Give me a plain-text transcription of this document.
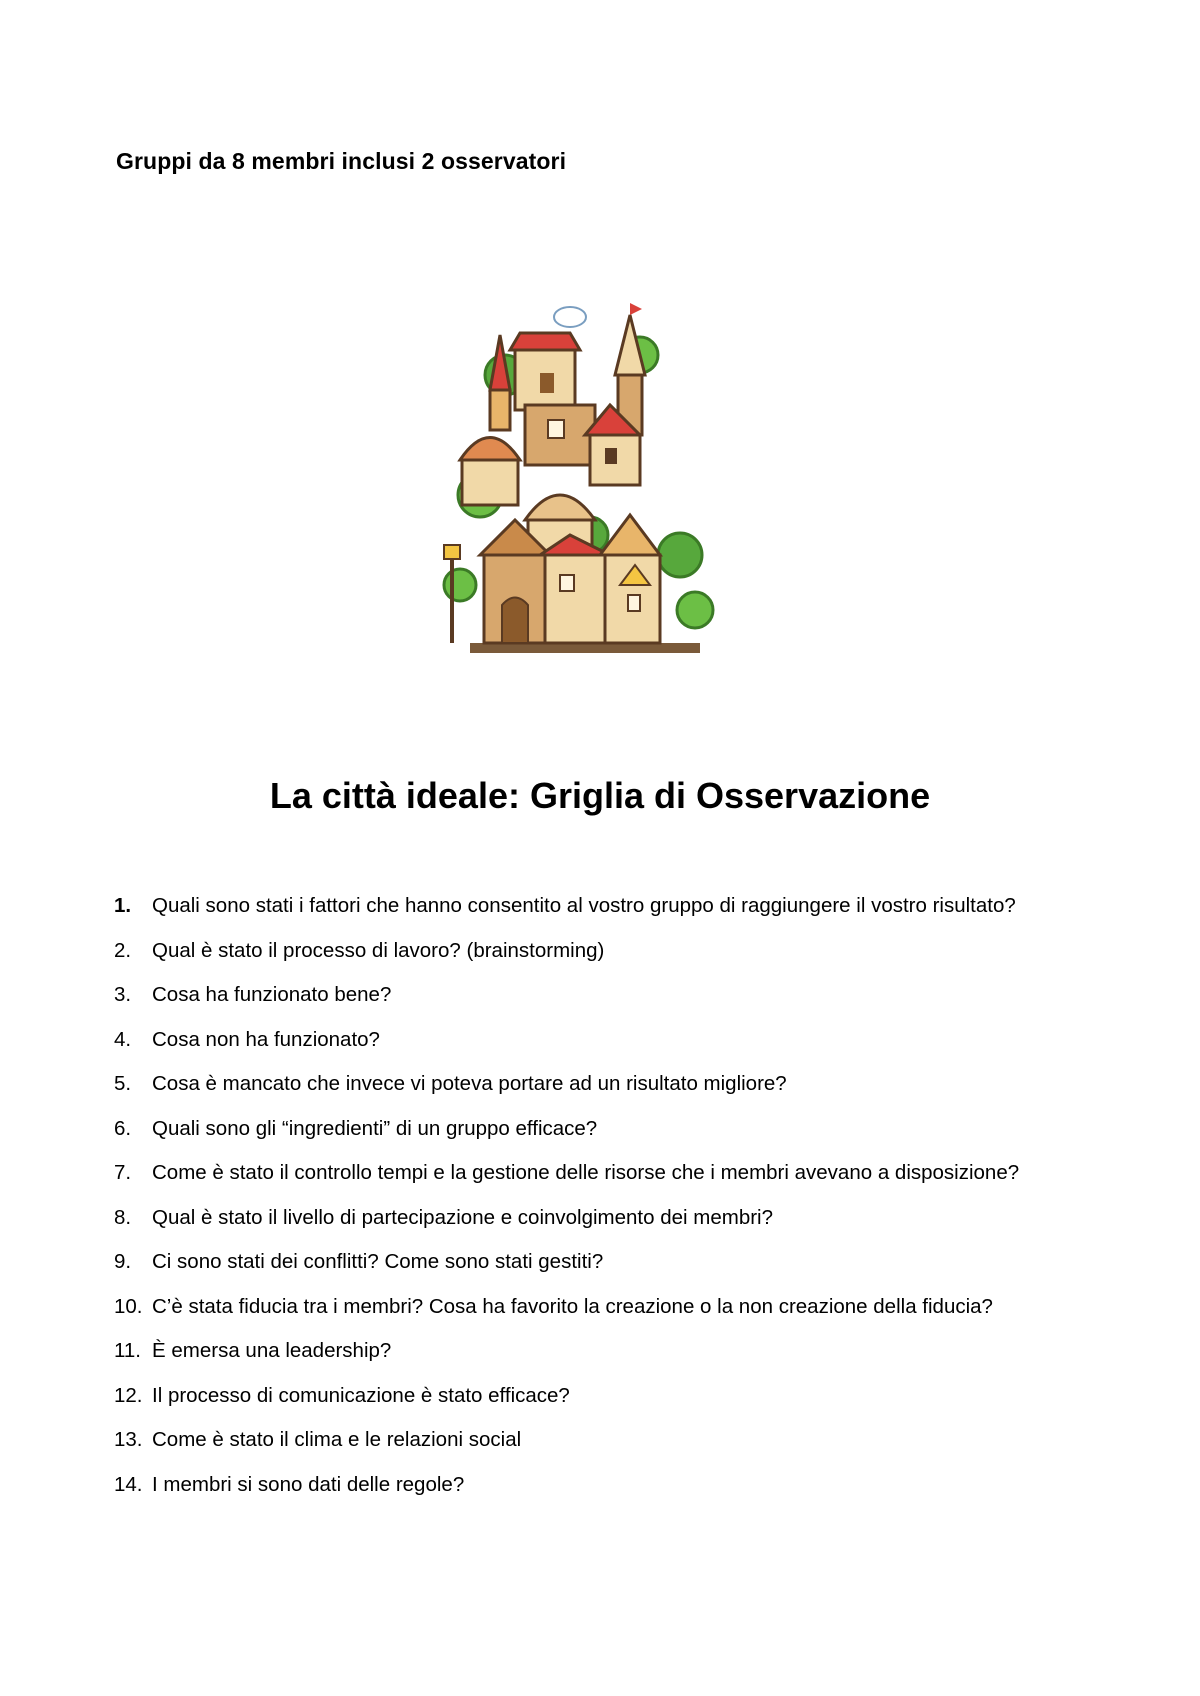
Gruppi da 8 membri inclusi 2 osservatori
La città ideale: Griglia di Osservazione
1. Quali sono stati i fattori che hanno consentito al vostro gruppo di raggiungere il vostro risultato?
2. Qual è stato il processo di lavoro? (brainstorming)
3. Cosa ha funzionato bene?
4. Cosa non ha funzionato?
5. Cosa è mancato che invece vi poteva portare ad un risultato migliore?
6. Quali sono gli “ingredienti” di un gruppo efficace?
7. Come è stato il controllo tempi e la gestione delle risorse che i membri avevano a disposizione?
8. Qual è stato il livello di partecipazione e coinvolgimento dei membri?
9. Ci sono stati dei conflitti? Come sono stati gestiti?
10. C’è stata fiducia tra i membri? Cosa ha favorito la creazione o la non creazione della fiducia?
11. È emersa una leadership?
12. Il processo di comunicazione è stato efficace?
13. Come è stato il clima e le relazioni social
14. I membri si sono dati delle regole?
